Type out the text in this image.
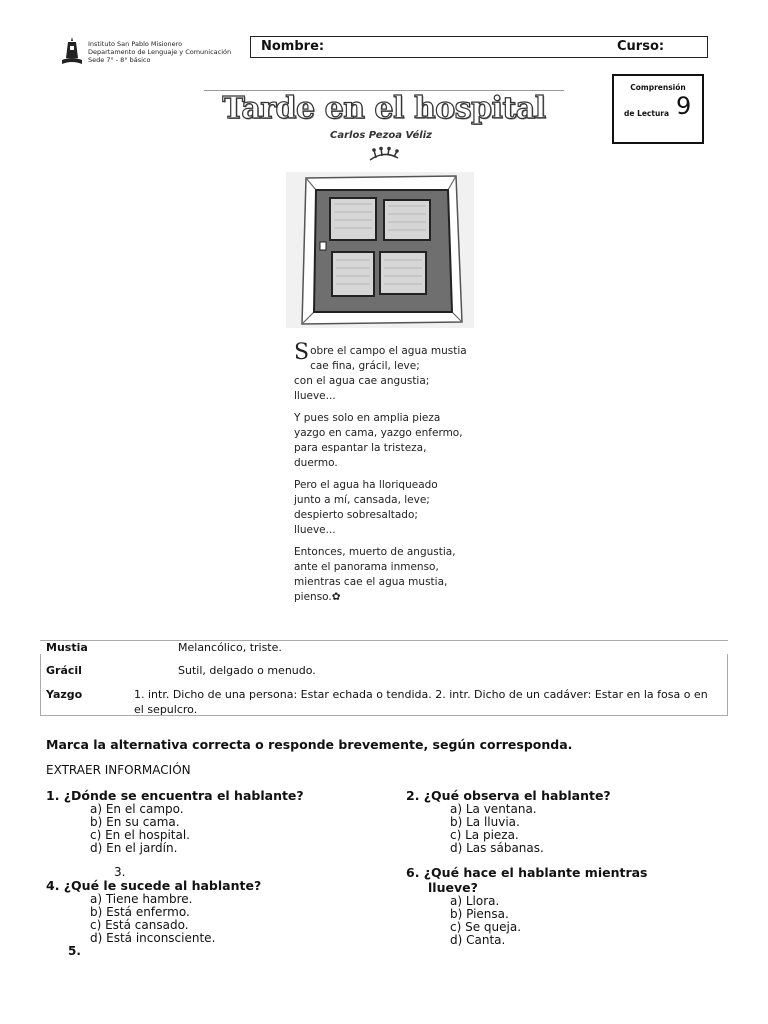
Instituto San Pablo Misionero
Departamento de Lenguaje y Comunicación
Sede 7° - 8° básico
Nombre:	Curso:
Comprensión
de Lectura 9
Tarde en el hospital
Carlos Pezoa Véliz
S obre el campo el agua mustia
cae fina, grácil, leve;
con el agua cae angustia;
llueve...
Y pues solo en amplia pieza
yazgo en cama, yazgo enfermo,
para espantar la tristeza,
duermo.
Pero el agua ha lloriqueado
junto a mí, cansada, leve;
despierto sobresaltado;
llueve...
Entonces, muerto de angustia,
ante el panorama inmenso,
mientras cae el agua mustia,
pienso.✿
Mustia	Melancólico, triste.
Grácil	Sutil, delgado o menudo.
Yazgo	1. intr. Dicho de una persona: Estar echada o tendida. 2. intr. Dicho de un cadáver: Estar en la fosa o en el sepulcro.
Marca la alternativa correcta o responde brevemente, según corresponda.
EXTRAER INFORMACIÓN
1. ¿Dónde se encuentra el hablante?
a) En el campo.
b) En su cama.
c) En el hospital.
d) En el jardín.
2. ¿Qué observa el hablante?
a) La ventana.
b) La lluvia.
c) La pieza.
d) Las sábanas.
3.
4. ¿Qué le sucede al hablante?
a) Tiene hambre.
b) Está enfermo.
c) Está cansado.
d) Está inconsciente.
6. ¿Qué hace el hablante mientras
llueve?
a) Llora.
b) Piensa.
c) Se queja.
d) Canta.
5.
